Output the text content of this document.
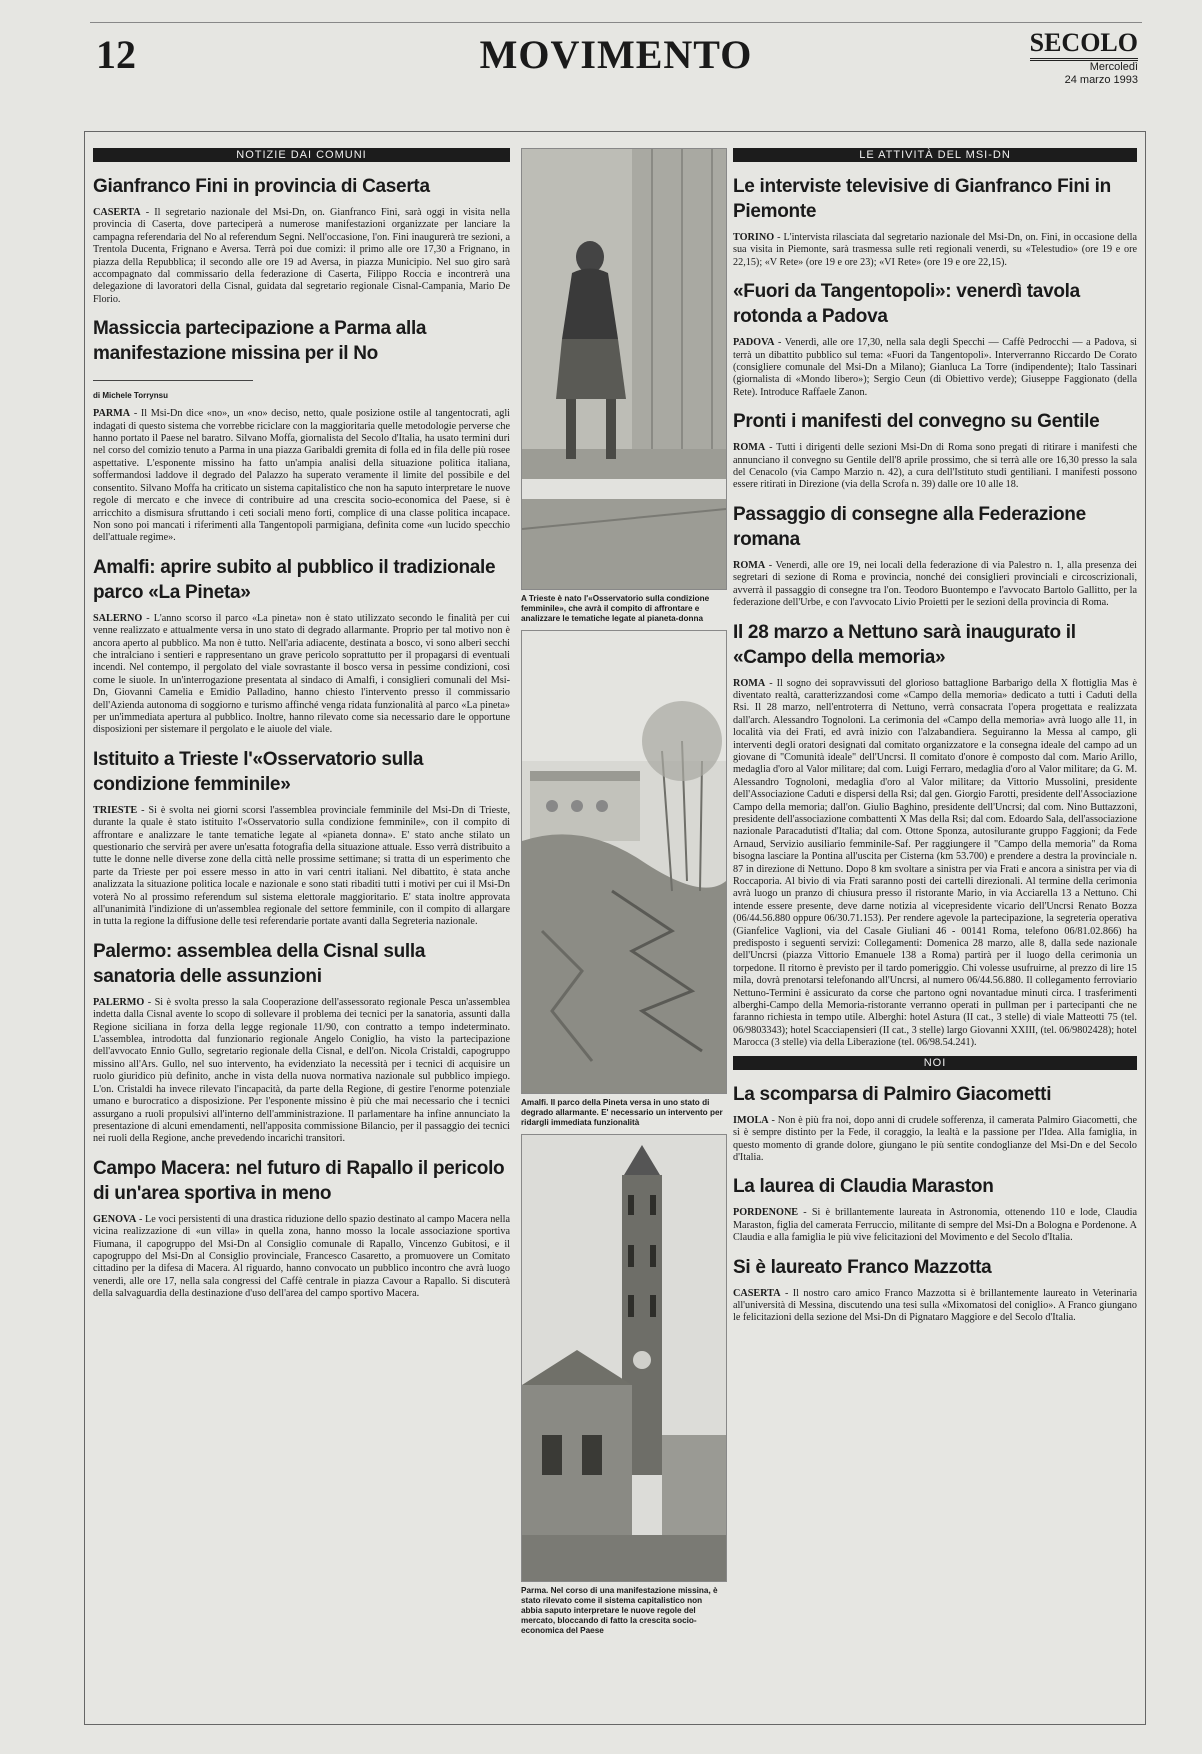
12	MOVIMENTO	SECOLO
Mercoledì
24 marzo 1993
NOTIZIE DAI COMUNI
Gianfranco Fini in provincia di Caserta

CASERTA - Il segretario nazionale del Msi-Dn, on. Gianfranco Fini, sarà oggi in visita nella provincia di Caserta, dove parteciperà a numerose manifestazioni organizzate per lanciare la campagna referendaria del No al referendum Segni. Nell'occasione, l'on. Fini inaugurerà tre sezioni, a Trentola Ducenta, Frignano e Aversa. Terrà poi due comizi: il primo alle ore 17,30 a Frignano, in piazza della Repubblica; il secondo alle ore 19 ad Aversa, in piazza Municipio. Nel suo giro sarà accompagnato dal commissario della federazione di Caserta, Filippo Roccia e incontrerà una delegazione di lavoratori della Cisnal, guidata dal segretario regionale Cisnal-Campania, Mario De Florio.

Massiccia partecipazione a Parma alla manifestazione missina per il No
di Michele Torrynsu

PARMA - Il Msi-Dn dice «no», un «no» deciso, netto, quale posizione ostile al tangentocrati, agli indagati di questo sistema che vorrebbe riciclare con la maggioritaria quelle metodologie perverse che hanno portato il Paese nel baratro. Silvano Moffa, giornalista del Secolo d'Italia, ha usato termini duri nel corso del comizio tenuto a Parma in una piazza Garibaldi gremita di folla ed in fila delle più rosee aspettative. L'esponente missino ha fatto un'ampia analisi della situazione politica italiana, soffermandosi laddove il degrado del Palazzo ha superato veramente il limite del possibile e del consentito. Silvano Moffa ha criticato un sistema capitalistico che non ha saputo interpretare le nuove regole di mercato e che invece di contribuire ad una crescita socio-economica del Paese, si è arricchito a dismisura sfruttando i ceti sociali meno forti, complice di una classe politica incapace. Non sono poi mancati i riferimenti alla Tangentopoli parmigiana, definita come «un lucido specchio dell'attuale regime».

Amalfi: aprire subito al pubblico il tradizionale parco «La Pineta»

SALERNO - L'anno scorso il parco «La pineta» non è stato utilizzato secondo le finalità per cui venne realizzato e attualmente versa in uno stato di degrado allarmante. Proprio per tal motivo non è ancora aperto al pubblico. Ma non è tutto. Nell'aria adiacente, destinata a bosco, vi sono alberi secchi che intralciano i sentieri e rappresentano un grave pericolo soprattutto per il propagarsi di eventuali incendi. Nel contempo, il pergolato del viale sovrastante il bosco versa in pessime condizioni, così come le siuole. In un'interrogazione presentata al sindaco di Amalfi, i consiglieri comunali del Msi-Dn, Giovanni Camelia e Emidio Palladino, hanno chiesto l'intervento presso il commissario dell'Azienda autonoma di soggiorno e turismo affinché venga ridata funzionalità al parco «La pineta» per un'immediata apertura al pubblico. Inoltre, hanno rilevato come sia necessario dare le opportune disposizioni per sistemare il pergolato e le aiuole del viale.

Istituito a Trieste l'«Osservatorio sulla condizione femminile»

TRIESTE - Si è svolta nei giorni scorsi l'assemblea provinciale femminile del Msi-Dn di Trieste, durante la quale è stato istituito l'«Osservatorio sulla condizione femminile», con il compito di affrontare e analizzare le tante tematiche legate al «pianeta donna». E' stato anche stilato un questionario che servirà per avere un'esatta fotografia della situazione attuale. Esso verrà distribuito a tutte le donne nelle diverse zone della città nelle prossime settimane; si tratta di un esperimento che parte da Trieste per poi essere messo in atto in vari centri italiani. Nel dibattito, è stata anche analizzata la situazione politica locale e nazionale e sono stati ribaditi tutti i motivi per cui il Msi-Dn voterà No al prossimo referendum sul sistema elettorale maggioritario. E' stata inoltre approvata all'unanimità l'indizione di un'assemblea regionale del settore femminile, con il compito di allargare in tutta la regione la diffusione delle tesi referendarie portate avanti dalla Segreteria nazionale.

Palermo: assemblea della Cisnal sulla sanatoria delle assunzioni

PALERMO - Si è svolta presso la sala Cooperazione dell'assessorato regionale Pesca un'assemblea indetta dalla Cisnal avente lo scopo di sollevare il problema dei tecnici per la sanatoria, assunti dalla Regione siciliana in forza della legge regionale 11/90, con contratto a tempo indeterminato. L'assemblea, introdotta dal funzionario regionale Angelo Coniglio, ha visto la partecipazione dell'avvocato Ennio Gullo, segretario regionale della Cisnal, e dell'on. Nicola Cristaldi, capogruppo missino all'Ars. Gullo, nel suo intervento, ha evidenziato la necessità per i tecnici di acquisire un ruolo giuridico più definito, anche in vista della nuova normativa nazionale sul pubblico impiego. L'on. Cristaldi ha invece rilevato l'incapacità, da parte della Regione, di gestire l'enorme potenziale umano e burocratico a disposizione. Per l'esponente missino è più che mai necessario che i tecnici assurgano a ruoli propulsivi all'interno dell'amministrazione. Il parlamentare ha infine annunciato la presentazione di alcuni emendamenti, nell'apposita commissione Bilancio, per il passaggio dei tecnici nei ruoli della Regione, anche prevedendo incarichi transitori.

Campo Macera: nel futuro di Rapallo il pericolo di un'area sportiva in meno

GENOVA - Le voci persistenti di una drastica riduzione dello spazio destinato al campo Macera nella vicina realizzazione di «un villa» in quella zona, hanno mosso la locale associazione sportiva Fiumana, il capogruppo del Msi-Dn al Consiglio comunale di Rapallo, Vincenzo Gubitosi, e il capogruppo del Msi-Dn al Consiglio provinciale, Francesco Casaretto, a promuovere un Comitato cittadino per la difesa di Macera. Al riguardo, hanno convocato un pubblico incontro che avrà luogo venerdì, alle ore 17, nella sala congressi del Caffè centrale in piazza Cavour a Rapallo. Si discuterà della salvaguardia della destinazione d'uso dell'area del campo sportivo Macera.

A Trieste è nato l'«Osservatorio sulla condizione femminile», che avrà il compito di affrontare e analizzare le tematiche legate al pianeta-donna
Amalfi. Il parco della Pineta versa in uno stato di degrado allarmante. E' necessario un intervento per ridargli immediata funzionalità
Parma. Nel corso di una manifestazione missina, è stato rilevato come il sistema capitalistico non abbia saputo interpretare le nuove regole del mercato, bloccando di fatto la crescita socio-economica del Paese
LE ATTIVITÀ DEL MSI-DN
Le interviste televisive di Gianfranco Fini in Piemonte

TORINO - L'intervista rilasciata dal segretario nazionale del Msi-Dn, on. Fini, in occasione della sua visita in Piemonte, sarà trasmessa sulle reti regionali venerdì, su «Telestudio» (ore 19 e ore 22,15); «V Rete» (ore 19 e ore 23); «VI Rete» (ore 19 e ore 22,15).

«Fuori da Tangentopoli»: venerdì tavola rotonda a Padova

PADOVA - Venerdì, alle ore 17,30, nella sala degli Specchi — Caffè Pedrocchi — a Padova, si terrà un dibattito pubblico sul tema: «Fuori da Tangentopoli». Interverranno Riccardo De Corato (consigliere comunale del Msi-Dn a Milano); Gianluca La Torre (indipendente); Italo Tassinari (giornalista di «Mondo libero»); Sergio Ceun (di Obiettivo verde); Giuseppe Faggionato (della Rete). Introduce Raffaele Zanon.

Pronti i manifesti del convegno su Gentile

ROMA - Tutti i dirigenti delle sezioni Msi-Dn di Roma sono pregati di ritirare i manifesti che annunciano il convegno su Gentile dell'8 aprile prossimo, che si terrà alle ore 16,30 presso la sala del Cenacolo (via Campo Marzio n. 42), a cura dell'Istituto studi gentiliani. I manifesti possono essere ritirati in Direzione (via della Scrofa n. 39) dalle ore 10 alle 18.

Passaggio di consegne alla Federazione romana

ROMA - Venerdì, alle ore 19, nei locali della federazione di via Palestro n. 1, alla presenza dei segretari di sezione di Roma e provincia, nonché dei consiglieri provinciali e circoscrizionali, avverrà il passaggio di consegne tra l'on. Teodoro Buontempo e l'avvocato Bartolo Gallitto, per la federazione dell'Urbe, e con l'avvocato Livio Proietti per le sezioni della provincia di Roma.

Il 28 marzo a Nettuno sarà inaugurato il «Campo della memoria»

ROMA - Il sogno dei sopravvissuti del glorioso battaglione Barbarigo della X flottiglia Mas è diventato realtà, caratterizzandosi come «Campo della memoria» dedicato a tutti i Caduti della Rsi. Il 28 marzo, nell'entroterra di Nettuno, verrà consacrata l'opera progettata e realizzata dall'arch. Alessandro Tognoloni. La cerimonia del «Campo della memoria» avrà luogo alle 11, in località via dei Frati, ed avrà inizio con l'alzabandiera. Seguiranno la Messa al campo, gli interventi degli oratori designati dal comitato organizzatore e la consegna ideale del campo ad un giovane di "Comunità ideale" dell'Uncrsi. Il comitato d'onore è composto dal com. Mario Arillo, medaglia d'oro al Valor militare; dal com. Luigi Ferraro, medaglia d'oro al Valor militare; da G. M. Alessandro Tognoloni, medaglia d'oro al Valor militare; da Vittorio Mussolini, presidente dell'Associazione Caduti e dispersi della Rsi; dal gen. Giorgio Farotti, presidente dell'Associazione Campo della memoria; dall'on. Giulio Baghino, presidente dell'Uncrsi; dal com. Nino Buttazzoni, presidente dell'associazione combattenti X Mas della Rsi; dal com. Edoardo Sala, dell'associazione nazionale Paracadutisti d'Italia; dal com. Ottone Sponza, autosilurante gruppo Faggioni; da Fede Arnaud, Servizio ausiliario femminile-Saf. Per raggiungere il "Campo della memoria" da Roma bisogna lasciare la Pontina all'uscita per Cisterna (km 53.700) e prendere a destra la provinciale n. 87 in direzione di Nettuno. Dopo 8 km svoltare a sinistra per via Frati e ancora a sinistra per via di Roccaporia. Al bivio di via Frati saranno posti dei cartelli direzionali. Al termine della cerimonia avrà luogo un pranzo di chiusura presso il ristorante Mario, in via Acciarella 13 a Nettuno. Chi intende essere presente, deve darne notizia al vicepresidente vicario dell'Uncrsi Renato Bozza (06/44.56.880 oppure 06/30.71.153). Per rendere agevole la partecipazione, la segreteria operativa (Gianfelice Vaglioni, via del Casale Giuliani 46 - 00141 Roma, telefono 06/81.02.866) ha predisposto i seguenti servizi: Collegamenti: Domenica 28 marzo, alle 8, dalla sede nazionale dell'Uncrsi (piazza Vittorio Emanuele 138 a Roma) partirà per il luogo della cerimonia un torpedone. Il ritorno è previsto per il tardo pomeriggio. Chi volesse usufruirne, al prezzo di lire 15 mila, dovrà prenotarsi telefonando all'Uncrsi, al numero 06/44.56.880. Il collegamento ferroviario Nettuno-Termini è assicurato da corse che partono ogni novantadue minuti circa. I trasferimenti alberghi-Campo della Memoria-ristorante verranno operati in pullman per i partecipanti che ne faranno richiesta in tempo utile. Alberghi: hotel Astura (II cat., 3 stelle) di viale Matteotti 75 (tel. 06/9803343); hotel Scacciapensieri (II cat., 3 stelle) largo Giovanni XXIII, (tel. 06/9802428); hotel Marocca (3 stelle) via della Liberazione (tel. 06/98.54.241).

NOI
La scomparsa di Palmiro Giacometti

IMOLA - Non è più fra noi, dopo anni di crudele sofferenza, il camerata Palmiro Giacometti, che si è sempre distinto per la Fede, il coraggio, la lealtà e la passione per l'Idea. Alla famiglia, in questo momento di grande dolore, giungano le più sentite condoglianze del Msi-Dn e del Secolo d'Italia.

La laurea di Claudia Maraston

PORDENONE - Si è brillantemente laureata in Astronomia, ottenendo 110 e lode, Claudia Maraston, figlia del camerata Ferruccio, militante di sempre del Msi-Dn a Bologna e Pordenone. A Claudia e alla famiglia le più vive felicitazioni del Movimento e del Secolo d'Italia.

Si è laureato Franco Mazzotta

CASERTA - Il nostro caro amico Franco Mazzotta si è brillantemente laureato in Veterinaria all'università di Messina, discutendo una tesi sulla «Mixomatosi del coniglio». A Franco giungano le felicitazioni della sezione del Msi-Dn di Pignataro Maggiore e del Secolo d'Italia.
